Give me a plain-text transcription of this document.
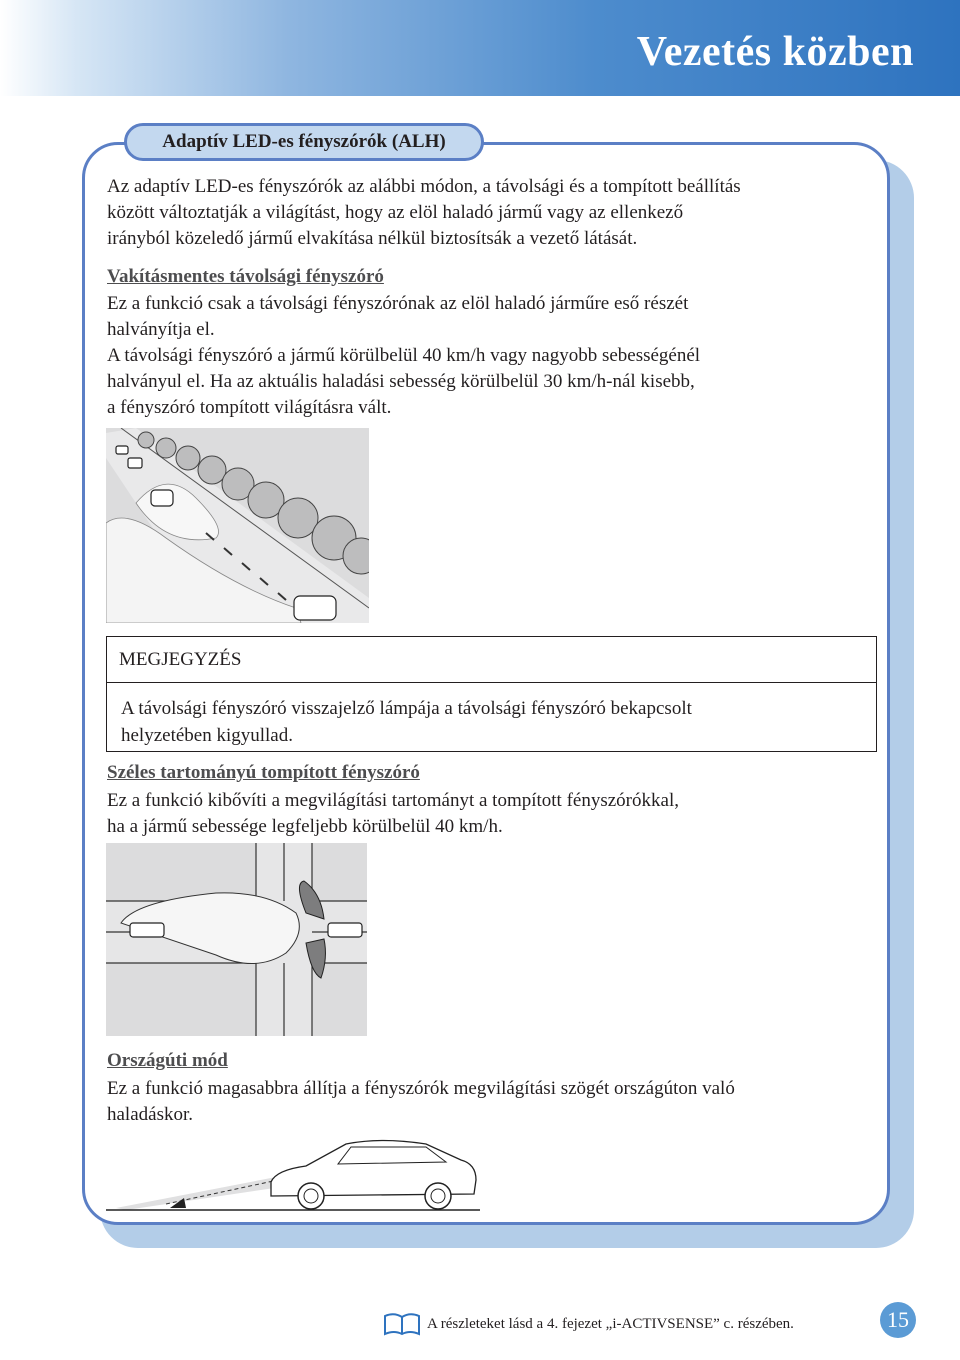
Vezetés közben
Adaptív LED-es fényszórók (ALH)
Az adaptív LED-es fényszórók az alábbi módon, a távolsági és a tompított beállítás
között változtatják a világítást, hogy az elöl haladó jármű vagy az ellenkező
irányból közeledő jármű elvakítása nélkül biztosítsák a vezető látását.
Vakításmentes távolsági fényszóró
Ez a funkció csak a távolsági fényszórónak az elöl haladó járműre eső részét
halványítja el.
A távolsági fényszóró a jármű körülbelül 40 km/h vagy nagyobb sebességénél
halványul el. Ha az aktuális haladási sebesség körülbelül 30 km/h-nál kisebb,
a fényszóró tompított világításra vált.
MEGJEGYZÉS
A távolsági fényszóró visszajelző lámpája a távolsági fényszóró bekapcsolt
helyzetében kigyullad.
Széles tartományú tompított fényszóró
Ez a funkció kibővíti a megvilágítási tartományt a tompított fényszórókkal,
ha a jármű sebessége legfeljebb körülbelül 40 km/h.
Országúti mód
Ez a funkció magasabbra állítja a fényszórók megvilágítási szögét országúton való
haladáskor.
A részleteket lásd a 4. fejezet „i-ACTIVSENSE” c. részében.	15
